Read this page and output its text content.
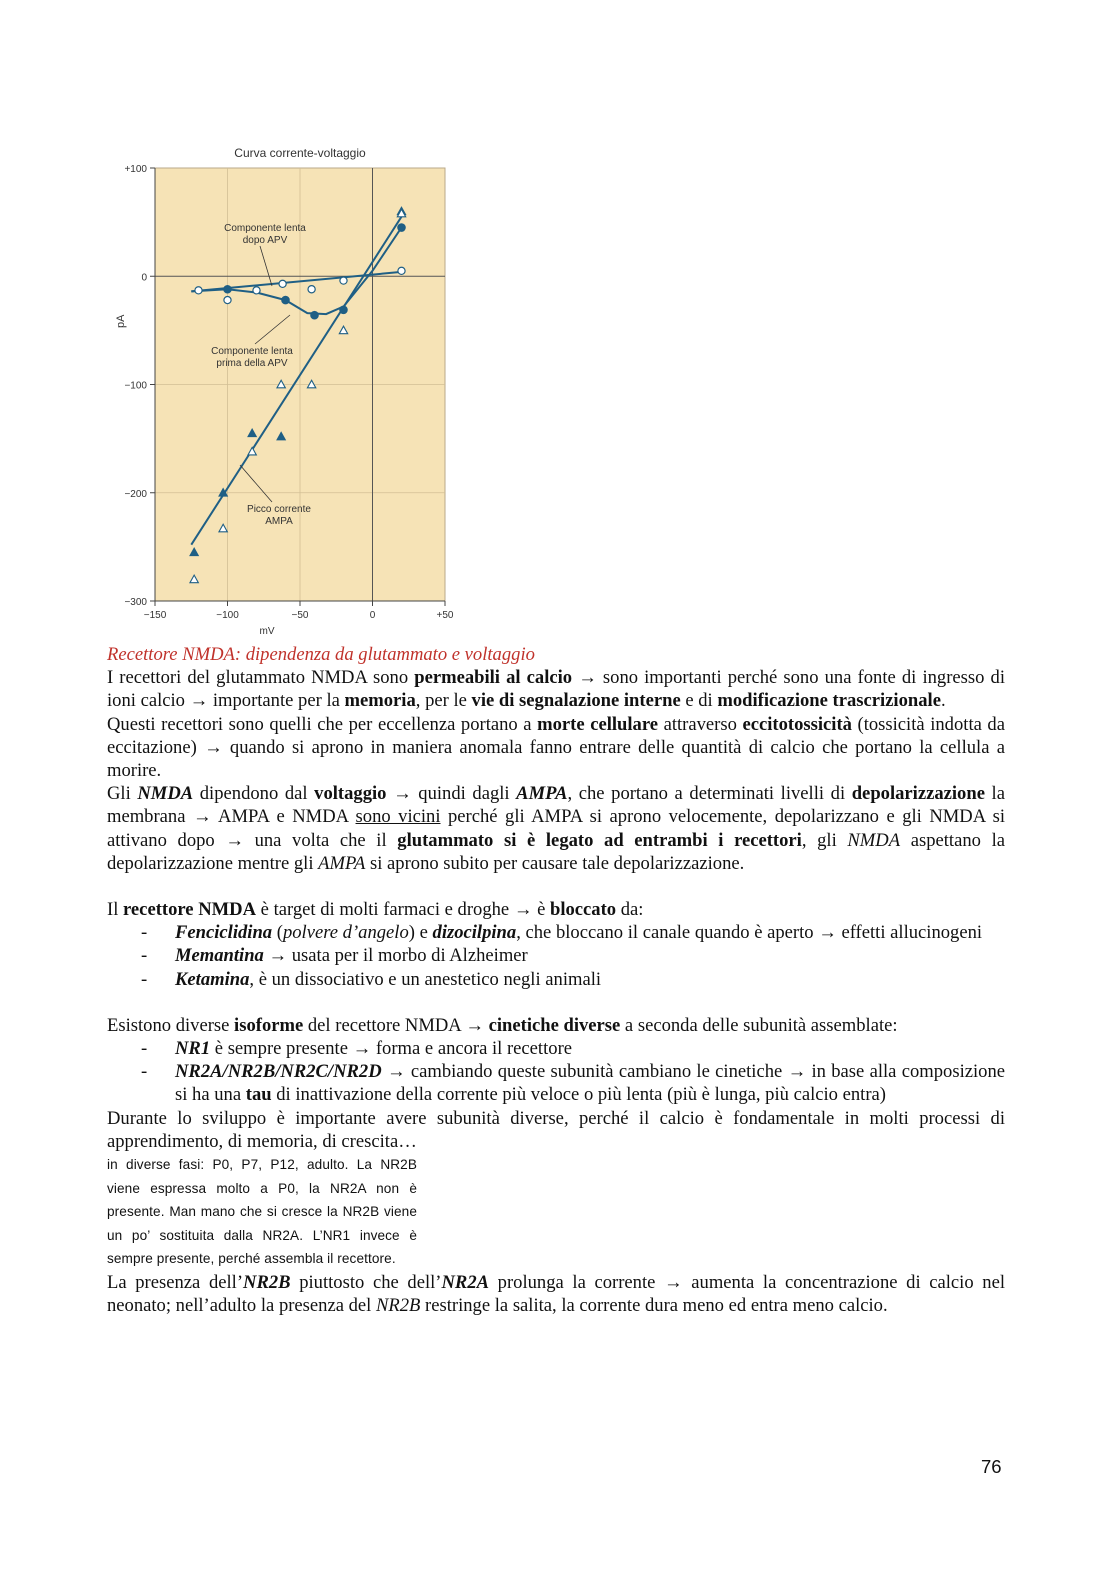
Curva corrente-voltaggio
−150	−100	−50	0	+50
+100
0
−100
−200
−300
pA
mV
Componente lenta
dopo APV
Componente lenta
prima della APV
Picco corrente
AMPA

Recettore NMDA: dipendenza da glutammato e voltaggio

I recettori del glutammato NMDA sono permeabili al calcio → sono importanti perché sono una fonte di ingresso di ioni calcio → importante per la memoria, per le vie di segnalazione interne e di modificazione trascrizionale.

Questi recettori sono quelli che per eccellenza portano a morte cellulare attraverso eccitotossicità (tossicità indotta da eccitazione) → quando si aprono in maniera anomala fanno entrare delle quantità di calcio che portano la cellula a morire.

Gli NMDA dipendono dal voltaggio → quindi dagli AMPA, che portano a determinati livelli di depolarizzazione la membrana → AMPA e NMDA sono vicini perché gli AMPA si aprono velocemente, depolarizzano e gli NMDA si attivano dopo → una volta che il glutammato si è legato ad entrambi i recettori, gli NMDA aspettano la depolarizzazione mentre gli AMPA si aprono subito per causare tale depolarizzazione.

Il recettore NMDA è target di molti farmaci e droghe → è bloccato da:

- Fenciclidina (polvere d’angelo) e dizocilpina, che bloccano il canale quando è aperto → effetti allucinogeni
- Memantina → usata per il morbo di Alzheimer
- Ketamina, è un dissociativo e un anestetico negli animali

Esistono diverse isoforme del recettore NMDA → cinetiche diverse a seconda delle subunità assemblate:

- NR1 è sempre presente → forma e ancora il recettore
- NR2A/NR2B/NR2C/NR2D → cambiando queste subunità cambiano le cinetiche → in base alla composizione si ha una tau di inattivazione della corrente più veloce o più lenta (più è lunga, più calcio entra)

Durante lo sviluppo è importante avere subunità diverse, perché il calcio è fondamentale in molti processi di apprendimento, di memoria, di crescita…

in diverse fasi: P0, P7, P12, adulto. La NR2B viene espressa molto a P0, la NR2A non è presente. Man mano che si cresce la NR2B viene un po’ sostituita dalla NR2A. L’NR1 invece è sempre presente, perché assembla il recettore.

La presenza dell’NR2B piuttosto che dell’NR2A prolunga la corrente → aumenta la concentrazione di calcio nel neonato; nell’adulto la presenza del NR2B restringe la salita, la corrente dura meno ed entra meno calcio.

76
